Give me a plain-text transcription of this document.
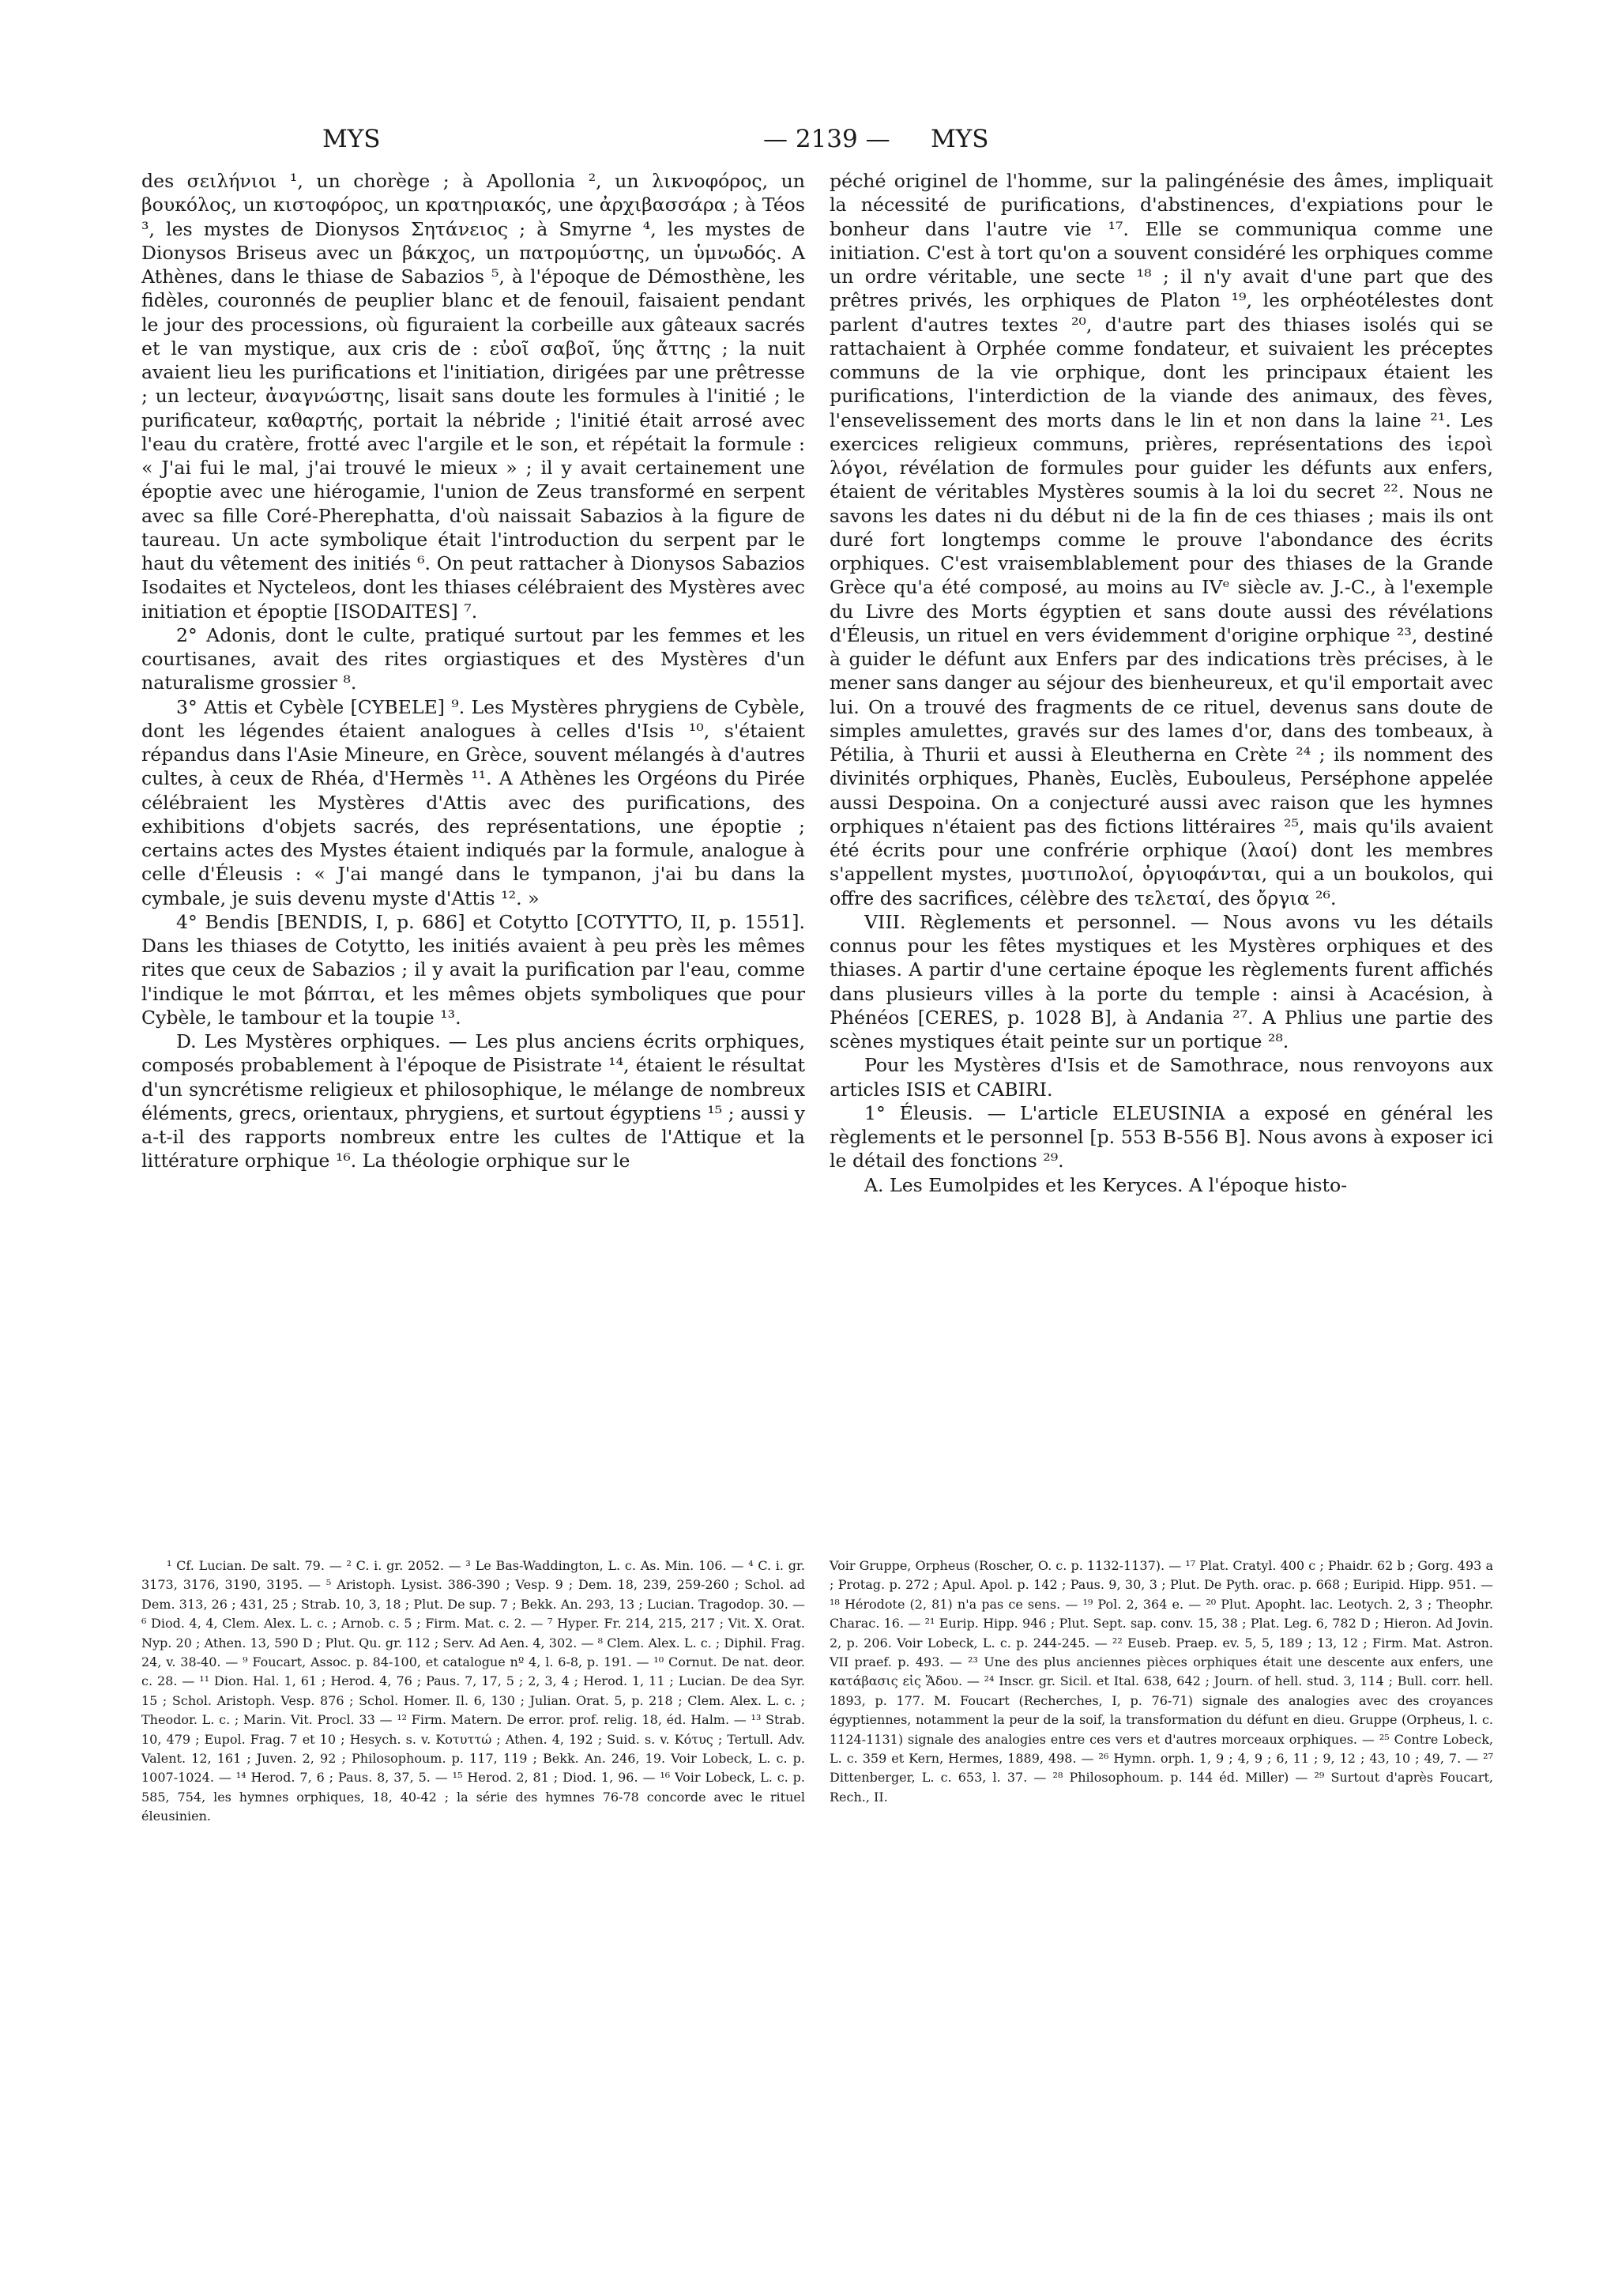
MYS	— 2139 — MYS

des σειλήνιοι ¹, un chorège ; à Apollonia ², un λικνοφόρος, un βουκόλος, un κιστοφόρος, un κρατηριακός, une ἀρχιβασσάρα ; à Téos ³, les mystes de Dionysos Σητάνειος ; à Smyrne ⁴, les mystes de Dionysos Briseus avec un βάκχος, un πατρομύστης, un ὑμνωδός. A Athènes, dans le thiase de Sabazios ⁵, à l'époque de Démosthène, les fidèles, couronnés de peuplier blanc et de fenouil, faisaient pendant le jour des processions, où figuraient la corbeille aux gâteaux sacrés et le van mystique, aux cris de : εὐοῖ σαβοῖ, ὕης ἄττης ; la nuit avaient lieu les purifications et l'initiation, dirigées par une prêtresse ; un lecteur, ἀναγνώστης, lisait sans doute les formules à l'initié ; le purificateur, καθαρτής, portait la nébride ; l'initié était arrosé avec l'eau du cratère, frotté avec l'argile et le son, et répétait la formule : « J'ai fui le mal, j'ai trouvé le mieux » ; il y avait certainement une époptie avec une hiérogamie, l'union de Zeus transformé en serpent avec sa fille Coré-Pherephatta, d'où naissait Sabazios à la figure de taureau. Un acte symbolique était l'introduction du serpent par le haut du vêtement des initiés ⁶. On peut rattacher à Dionysos Sabazios Isodaites et Nycteleos, dont les thiases célébraient des Mystères avec initiation et époptie [ISODAITES] ⁷.

2° Adonis, dont le culte, pratiqué surtout par les femmes et les courtisanes, avait des rites orgiastiques et des Mystères d'un naturalisme grossier ⁸.

3° Attis et Cybèle [CYBELE] ⁹. Les Mystères phrygiens de Cybèle, dont les légendes étaient analogues à celles d'Isis ¹⁰, s'étaient répandus dans l'Asie Mineure, en Grèce, souvent mélangés à d'autres cultes, à ceux de Rhéa, d'Hermès ¹¹. A Athènes les Orgéons du Pirée célébraient les Mystères d'Attis avec des purifications, des exhibitions d'objets sacrés, des représentations, une époptie ; certains actes des Mystes étaient indiqués par la formule, analogue à celle d'Éleusis : « J'ai mangé dans le tympanon, j'ai bu dans la cymbale, je suis devenu myste d'Attis ¹². »

4° Bendis [BENDIS, I, p. 686] et Cotytto [COTYTTO, II, p. 1551]. Dans les thiases de Cotytto, les initiés avaient à peu près les mêmes rites que ceux de Sabazios ; il y avait la purification par l'eau, comme l'indique le mot βάπται, et les mêmes objets symboliques que pour Cybèle, le tambour et la toupie ¹³.

D. Les Mystères orphiques. — Les plus anciens écrits orphiques, composés probablement à l'époque de Pisistrate ¹⁴, étaient le résultat d'un syncrétisme religieux et philosophique, le mélange de nombreux éléments, grecs, orientaux, phrygiens, et surtout égyptiens ¹⁵ ; aussi y a-t-il des rapports nombreux entre les cultes de l'Attique et la littérature orphique ¹⁶. La théologie orphique sur le

péché originel de l'homme, sur la palingénésie des âmes, impliquait la nécessité de purifications, d'abstinences, d'expiations pour le bonheur dans l'autre vie ¹⁷. Elle se communiqua comme une initiation. C'est à tort qu'on a souvent considéré les orphiques comme un ordre véritable, une secte ¹⁸ ; il n'y avait d'une part que des prêtres privés, les orphiques de Platon ¹⁹, les orphéotélestes dont parlent d'autres textes ²⁰, d'autre part des thiases isolés qui se rattachaient à Orphée comme fondateur, et suivaient les préceptes communs de la vie orphique, dont les principaux étaient les purifications, l'interdiction de la viande des animaux, des fèves, l'ensevelissement des morts dans le lin et non dans la laine ²¹. Les exercices religieux communs, prières, représentations des ἱεροὶ λόγοι, révélation de formules pour guider les défunts aux enfers, étaient de véritables Mystères soumis à la loi du secret ²². Nous ne savons les dates ni du début ni de la fin de ces thiases ; mais ils ont duré fort longtemps comme le prouve l'abondance des écrits orphiques. C'est vraisemblablement pour des thiases de la Grande Grèce qu'a été composé, au moins au IVᵉ siècle av. J.-C., à l'exemple du Livre des Morts égyptien et sans doute aussi des révélations d'Éleusis, un rituel en vers évidemment d'origine orphique ²³, destiné à guider le défunt aux Enfers par des indications très précises, à le mener sans danger au séjour des bienheureux, et qu'il emportait avec lui. On a trouvé des fragments de ce rituel, devenus sans doute de simples amulettes, gravés sur des lames d'or, dans des tombeaux, à Pétilia, à Thurii et aussi à Eleutherna en Crète ²⁴ ; ils nomment des divinités orphiques, Phanès, Euclès, Eubouleus, Perséphone appelée aussi Despoina. On a conjecturé aussi avec raison que les hymnes orphiques n'étaient pas des fictions littéraires ²⁵, mais qu'ils avaient été écrits pour une confrérie orphique (λαοί) dont les membres s'appellent mystes, μυστιπολοί, ὀργιοφάνται, qui a un boukolos, qui offre des sacrifices, célèbre des τελεταί, des ὄργια ²⁶.

VIII. Règlements et personnel. — Nous avons vu les détails connus pour les fêtes mystiques et les Mystères orphiques et des thiases. A partir d'une certaine époque les règlements furent affichés dans plusieurs villes à la porte du temple : ainsi à Acacésion, à Phénéos [CERES, p. 1028 B], à Andania ²⁷. A Phlius une partie des scènes mystiques était peinte sur un portique ²⁸.

Pour les Mystères d'Isis et de Samothrace, nous renvoyons aux articles ISIS et CABIRI.

1° Éleusis. — L'article ELEUSINIA a exposé en général les règlements et le personnel [p. 553 B-556 B]. Nous avons à exposer ici le détail des fonctions ²⁹.

A. Les Eumolpides et les Keryces. A l'époque histo-

¹ Cf. Lucian. De salt. 79. — ² C. i. gr. 2052. — ³ Le Bas-Waddington, L. c. As. Min. 106. — ⁴ C. i. gr. 3173, 3176, 3190, 3195. — ⁵ Aristoph. Lysist. 386-390 ; Vesp. 9 ; Dem. 18, 239, 259-260 ; Schol. ad Dem. 313, 26 ; 431, 25 ; Strab. 10, 3, 18 ; Plut. De sup. 7 ; Bekk. An. 293, 13 ; Lucian. Tragodop. 30. — ⁶ Diod. 4, 4, Clem. Alex. L. c. ; Arnob. c. 5 ; Firm. Mat. c. 2. — ⁷ Hyper. Fr. 214, 215, 217 ; Vit. X. Orat. Nyp. 20 ; Athen. 13, 590 D ; Plut. Qu. gr. 112 ; Serv. Ad Aen. 4, 302. — ⁸ Clem. Alex. L. c. ; Diphil. Frag. 24, v. 38-40. — ⁹ Foucart, Assoc. p. 84-100, et catalogue nº 4, l. 6-8, p. 191. — ¹⁰ Cornut. De nat. deor. c. 28. — ¹¹ Dion. Hal. 1, 61 ; Herod. 4, 76 ; Paus. 7, 17, 5 ; 2, 3, 4 ; Herod. 1, 11 ; Lucian. De dea Syr. 15 ; Schol. Aristoph. Vesp. 876 ; Schol. Homer. Il. 6, 130 ; Julian. Orat. 5, p. 218 ; Clem. Alex. L. c. ; Theodor. L. c. ; Marin. Vit. Procl. 33 — ¹² Firm. Matern. De error. prof. relig. 18, éd. Halm. — ¹³ Strab. 10, 479 ; Eupol. Frag. 7 et 10 ; Hesych. s. v. Κοτυττώ ; Athen. 4, 192 ; Suid. s. v. Κότυς ; Tertull. Adv. Valent. 12, 161 ; Juven. 2, 92 ; Philosophoum. p. 117, 119 ; Bekk. An. 246, 19. Voir Lobeck, L. c. p. 1007-1024. — ¹⁴ Herod. 7, 6 ; Paus. 8, 37, 5. — ¹⁵ Herod. 2, 81 ; Diod. 1, 96. — ¹⁶ Voir Lobeck, L. c. p. 585, 754, les hymnes orphiques, 18, 40-42 ; la série des hymnes 76-78 concorde avec le rituel éleusinien.

Voir Gruppe, Orpheus (Roscher, O. c. p. 1132-1137). — ¹⁷ Plat. Cratyl. 400 c ; Phaidr. 62 b ; Gorg. 493 a ; Protag. p. 272 ; Apul. Apol. p. 142 ; Paus. 9, 30, 3 ; Plut. De Pyth. orac. p. 668 ; Euripid. Hipp. 951. — ¹⁸ Hérodote (2, 81) n'a pas ce sens. — ¹⁹ Pol. 2, 364 e. — ²⁰ Plut. Apopht. lac. Leotych. 2, 3 ; Theophr. Charac. 16. — ²¹ Eurip. Hipp. 946 ; Plut. Sept. sap. conv. 15, 38 ; Plat. Leg. 6, 782 D ; Hieron. Ad Jovin. 2, p. 206. Voir Lobeck, L. c. p. 244-245. — ²² Euseb. Praep. ev. 5, 5, 189 ; 13, 12 ; Firm. Mat. Astron. VII praef. p. 493. — ²³ Une des plus anciennes pièces orphiques était une descente aux enfers, une κατάβασις εἰς Ἅδου. — ²⁴ Inscr. gr. Sicil. et Ital. 638, 642 ; Journ. of hell. stud. 3, 114 ; Bull. corr. hell. 1893, p. 177. M. Foucart (Recherches, I, p. 76-71) signale des analogies avec des croyances égyptiennes, notamment la peur de la soif, la transformation du défunt en dieu. Gruppe (Orpheus, l. c. 1124-1131) signale des analogies entre ces vers et d'autres morceaux orphiques. — ²⁵ Contre Lobeck, L. c. 359 et Kern, Hermes, 1889, 498. — ²⁶ Hymn. orph. 1, 9 ; 4, 9 ; 6, 11 ; 9, 12 ; 43, 10 ; 49, 7. — ²⁷ Dittenberger, L. c. 653, l. 37. — ²⁸ Philosophoum. p. 144 éd. Miller) — ²⁹ Surtout d'après Foucart, Rech., II.
